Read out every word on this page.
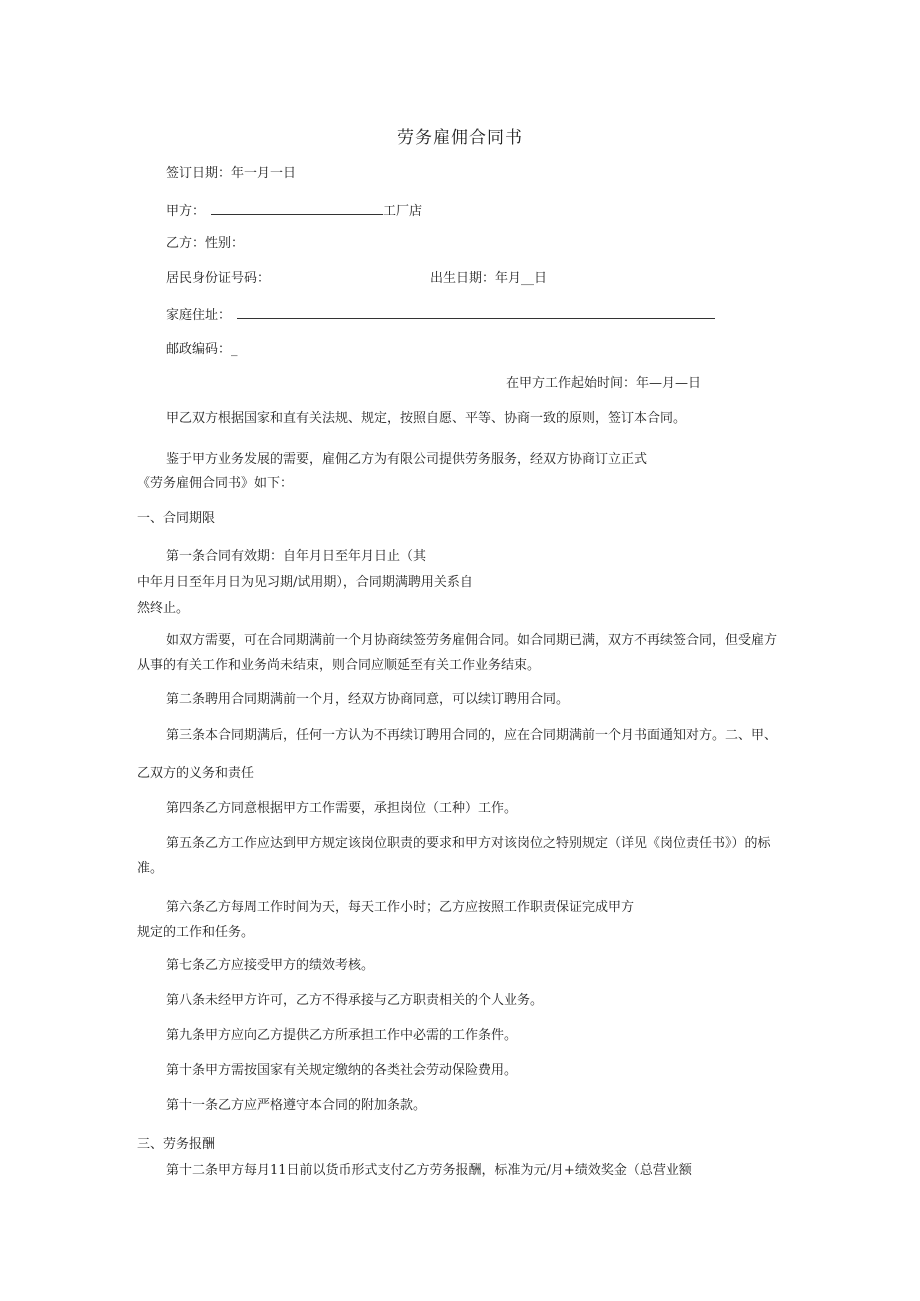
劳务雇佣合同书
签订日期：年一月一日
甲方：	工厂店
乙方：性别：
居民身份证号码：	出生日期：年月__日
家庭住址：
邮政编码：_
在甲方工作起始时间：年—月—日
甲乙双方根据国家和直有关法规、规定，按照自愿、平等、协商一致的原则，签订本合同。
鉴于甲方业务发展的需要，雇佣乙方为有限公司提供劳务服务，经双方协商订立正式
《劳务雇佣合同书》如下：
一、合同期限
第一条合同有效期：自年月日至年月日止（其
中年月日至年月日为见习期/试用期），合同期满聘用关系自
然终止。
如双方需要，可在合同期满前一个月协商续签劳务雇佣合同。如合同期已满，双方不再续签合同，但受雇方
从事的有关工作和业务尚未结束，则合同应顺延至有关工作业务结束。
第二条聘用合同期满前一个月，经双方协商同意，可以续订聘用合同。
第三条本合同期满后，任何一方认为不再续订聘用合同的，应在合同期满前一个月书面通知对方。二、甲、
乙双方的义务和责任
第四条乙方同意根据甲方工作需要，承担岗位（工种）工作。
第五条乙方工作应达到甲方规定该岗位职责的要求和甲方对该岗位之特别规定（详见《岗位责任书》）的标
准。
第六条乙方每周工作时间为天，每天工作小时；乙方应按照工作职责保证完成甲方
规定的工作和任务。
第七条乙方应接受甲方的绩效考核。
第八条未经甲方许可，乙方不得承接与乙方职责相关的个人业务。
第九条甲方应向乙方提供乙方所承担工作中必需的工作条件。
第十条甲方需按国家有关规定缴纳的各类社会劳动保险费用。
第十一条乙方应严格遵守本合同的附加条款。
三、劳务报酬
第十二条甲方每月11日前以货币形式支付乙方劳务报酬，标准为元/月+绩效奖金（总营业额
